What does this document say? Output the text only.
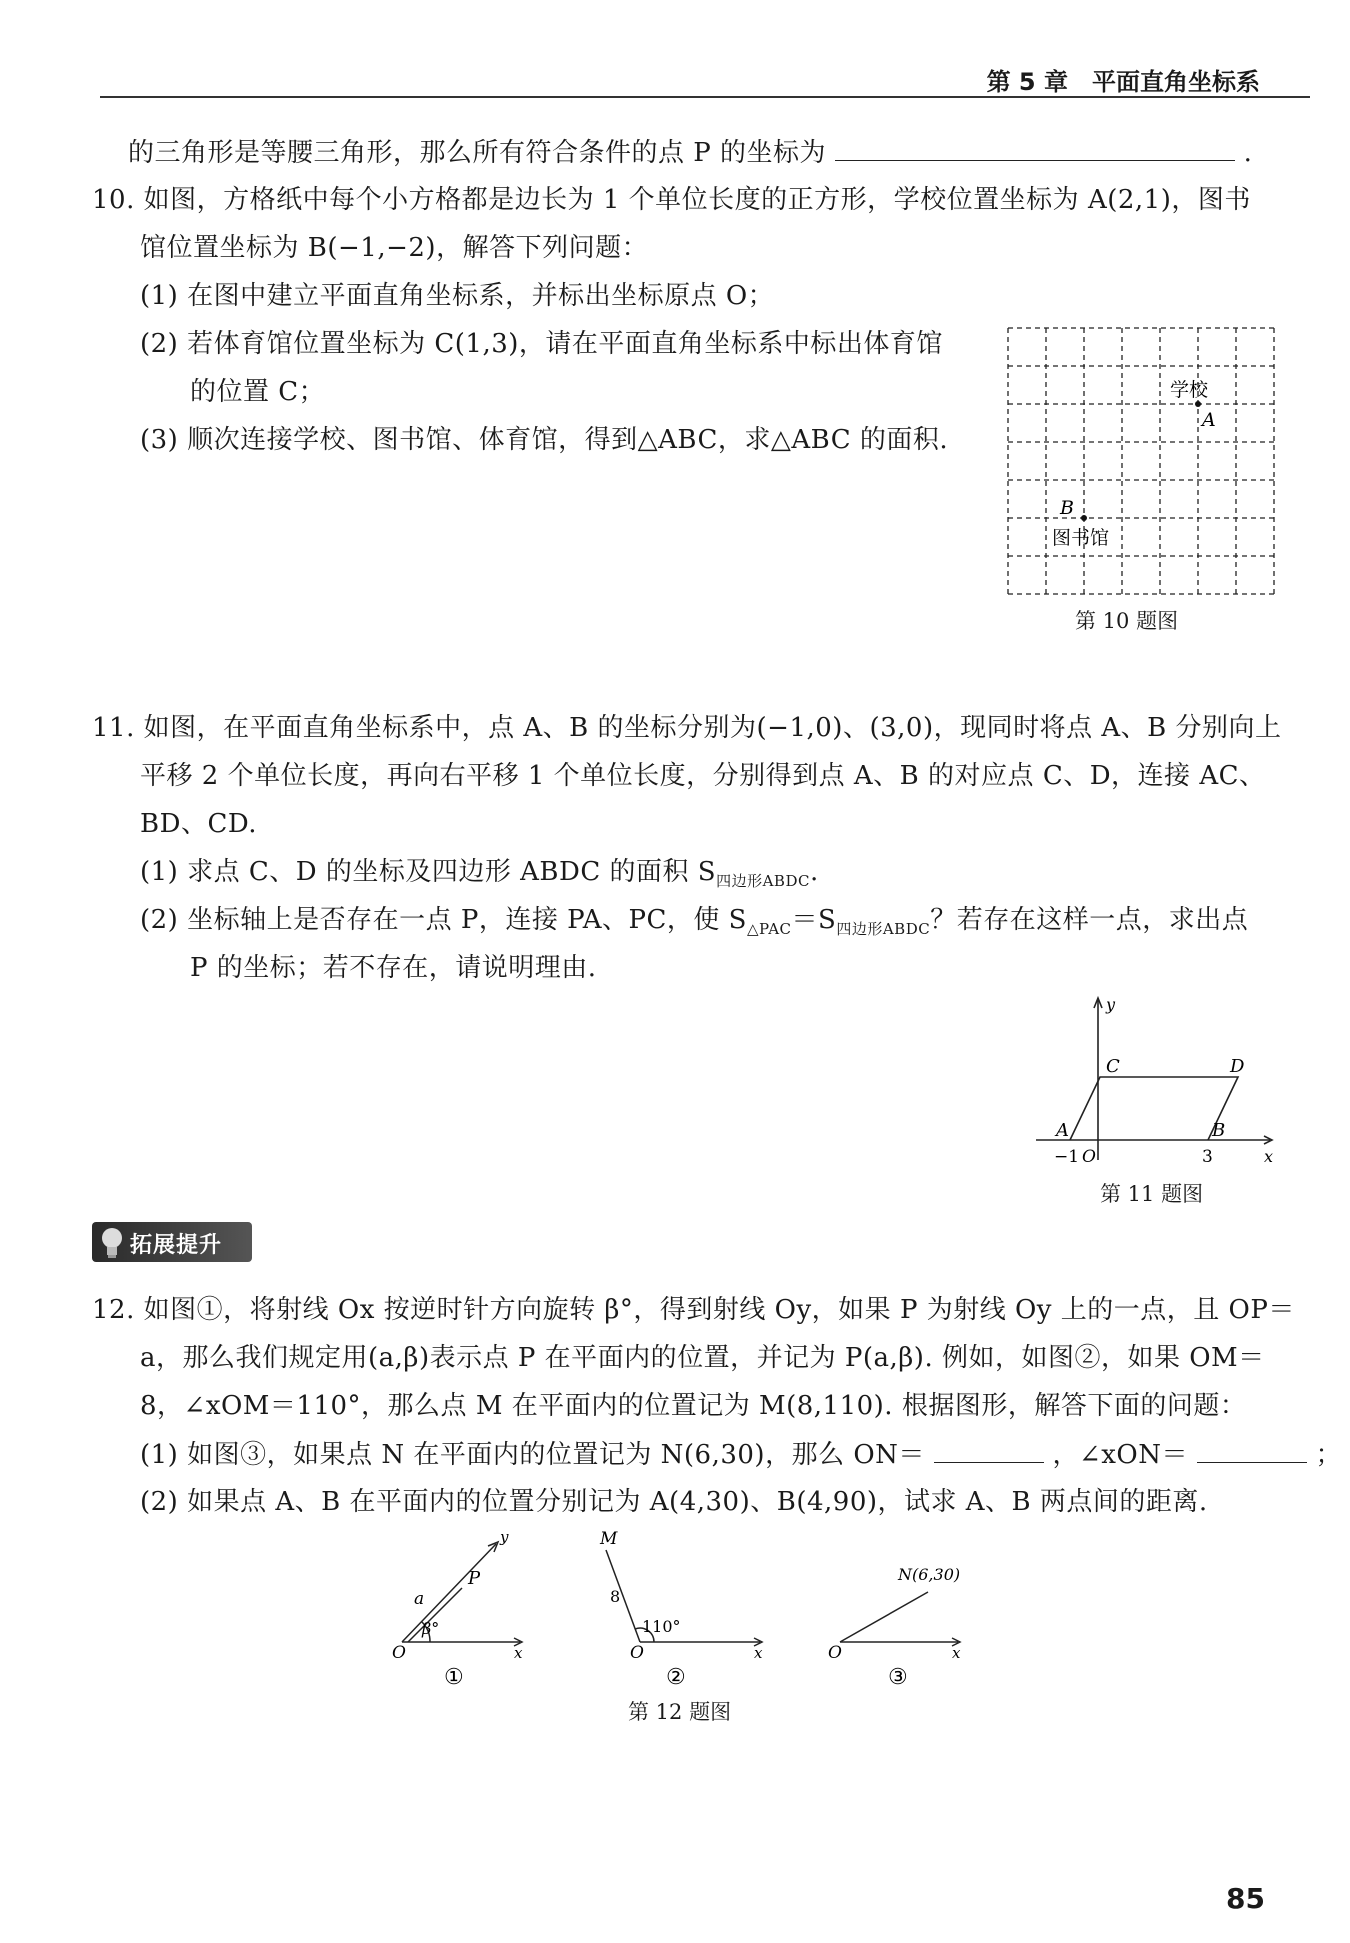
第 5 章　平面直角坐标系
的三角形是等腰三角形，那么所有符合条件的点 P 的坐标为	.
10. 如图，方格纸中每个小方格都是边长为 1 个单位长度的正方形，学校位置坐标为 A(2,1)，图书
馆位置坐标为 B(−1,−2)，解答下列问题：
(1) 在图中建立平面直角坐标系，并标出坐标原点 O；
(2) 若体育馆位置坐标为 C(1,3)，请在平面直角坐标系中标出体育馆
的位置 C；
(3) 顺次连接学校、图书馆、体育馆，得到△ABC，求△ABC 的面积.
学校
A
B
图书馆
第 10 题图
11. 如图，在平面直角坐标系中，点 A、B 的坐标分别为(−1,0)、(3,0)，现同时将点 A、B 分别向上
平移 2 个单位长度，再向右平移 1 个单位长度，分别得到点 A、B 的对应点 C、D，连接 AC、
BD、CD.
(1) 求点 C、D 的坐标及四边形 ABDC 的面积 $S_{四边形ABDC}$.
(2) 坐标轴上是否存在一点 P，连接 PA、PC，使 $S_{\triangle PAC}=S_{四边形ABDC}$？若存在这样一点，求出点
P 的坐标；若不存在，请说明理由.
y
x
C	D
A	B
−1 O	3
第 11 题图
拓展提升
12. 如图①，将射线 Ox 按逆时针方向旋转 β°，得到射线 Oy，如果 P 为射线 Oy 上的一点，且 OP＝
a，那么我们规定用(a,β)表示点 P 在平面内的位置，并记为 P(a,β). 例如，如图②，如果 OM＝
8，∠xOM＝110°，那么点 M 在平面内的位置记为 M(8,110). 根据图形，解答下面的问题：
(1) 如图③，如果点 N 在平面内的位置记为 N(6,30)，那么 ON＝	，∠xON＝	；
(2) 如果点 A、B 在平面内的位置分别记为 A(4,30)、B(4,90)，试求 A、B 两点间的距离.
y
P
a
β°
O	x
①
M
8
110°
O	x
②
N(6,30)
O	x
③
第 12 题图
85
